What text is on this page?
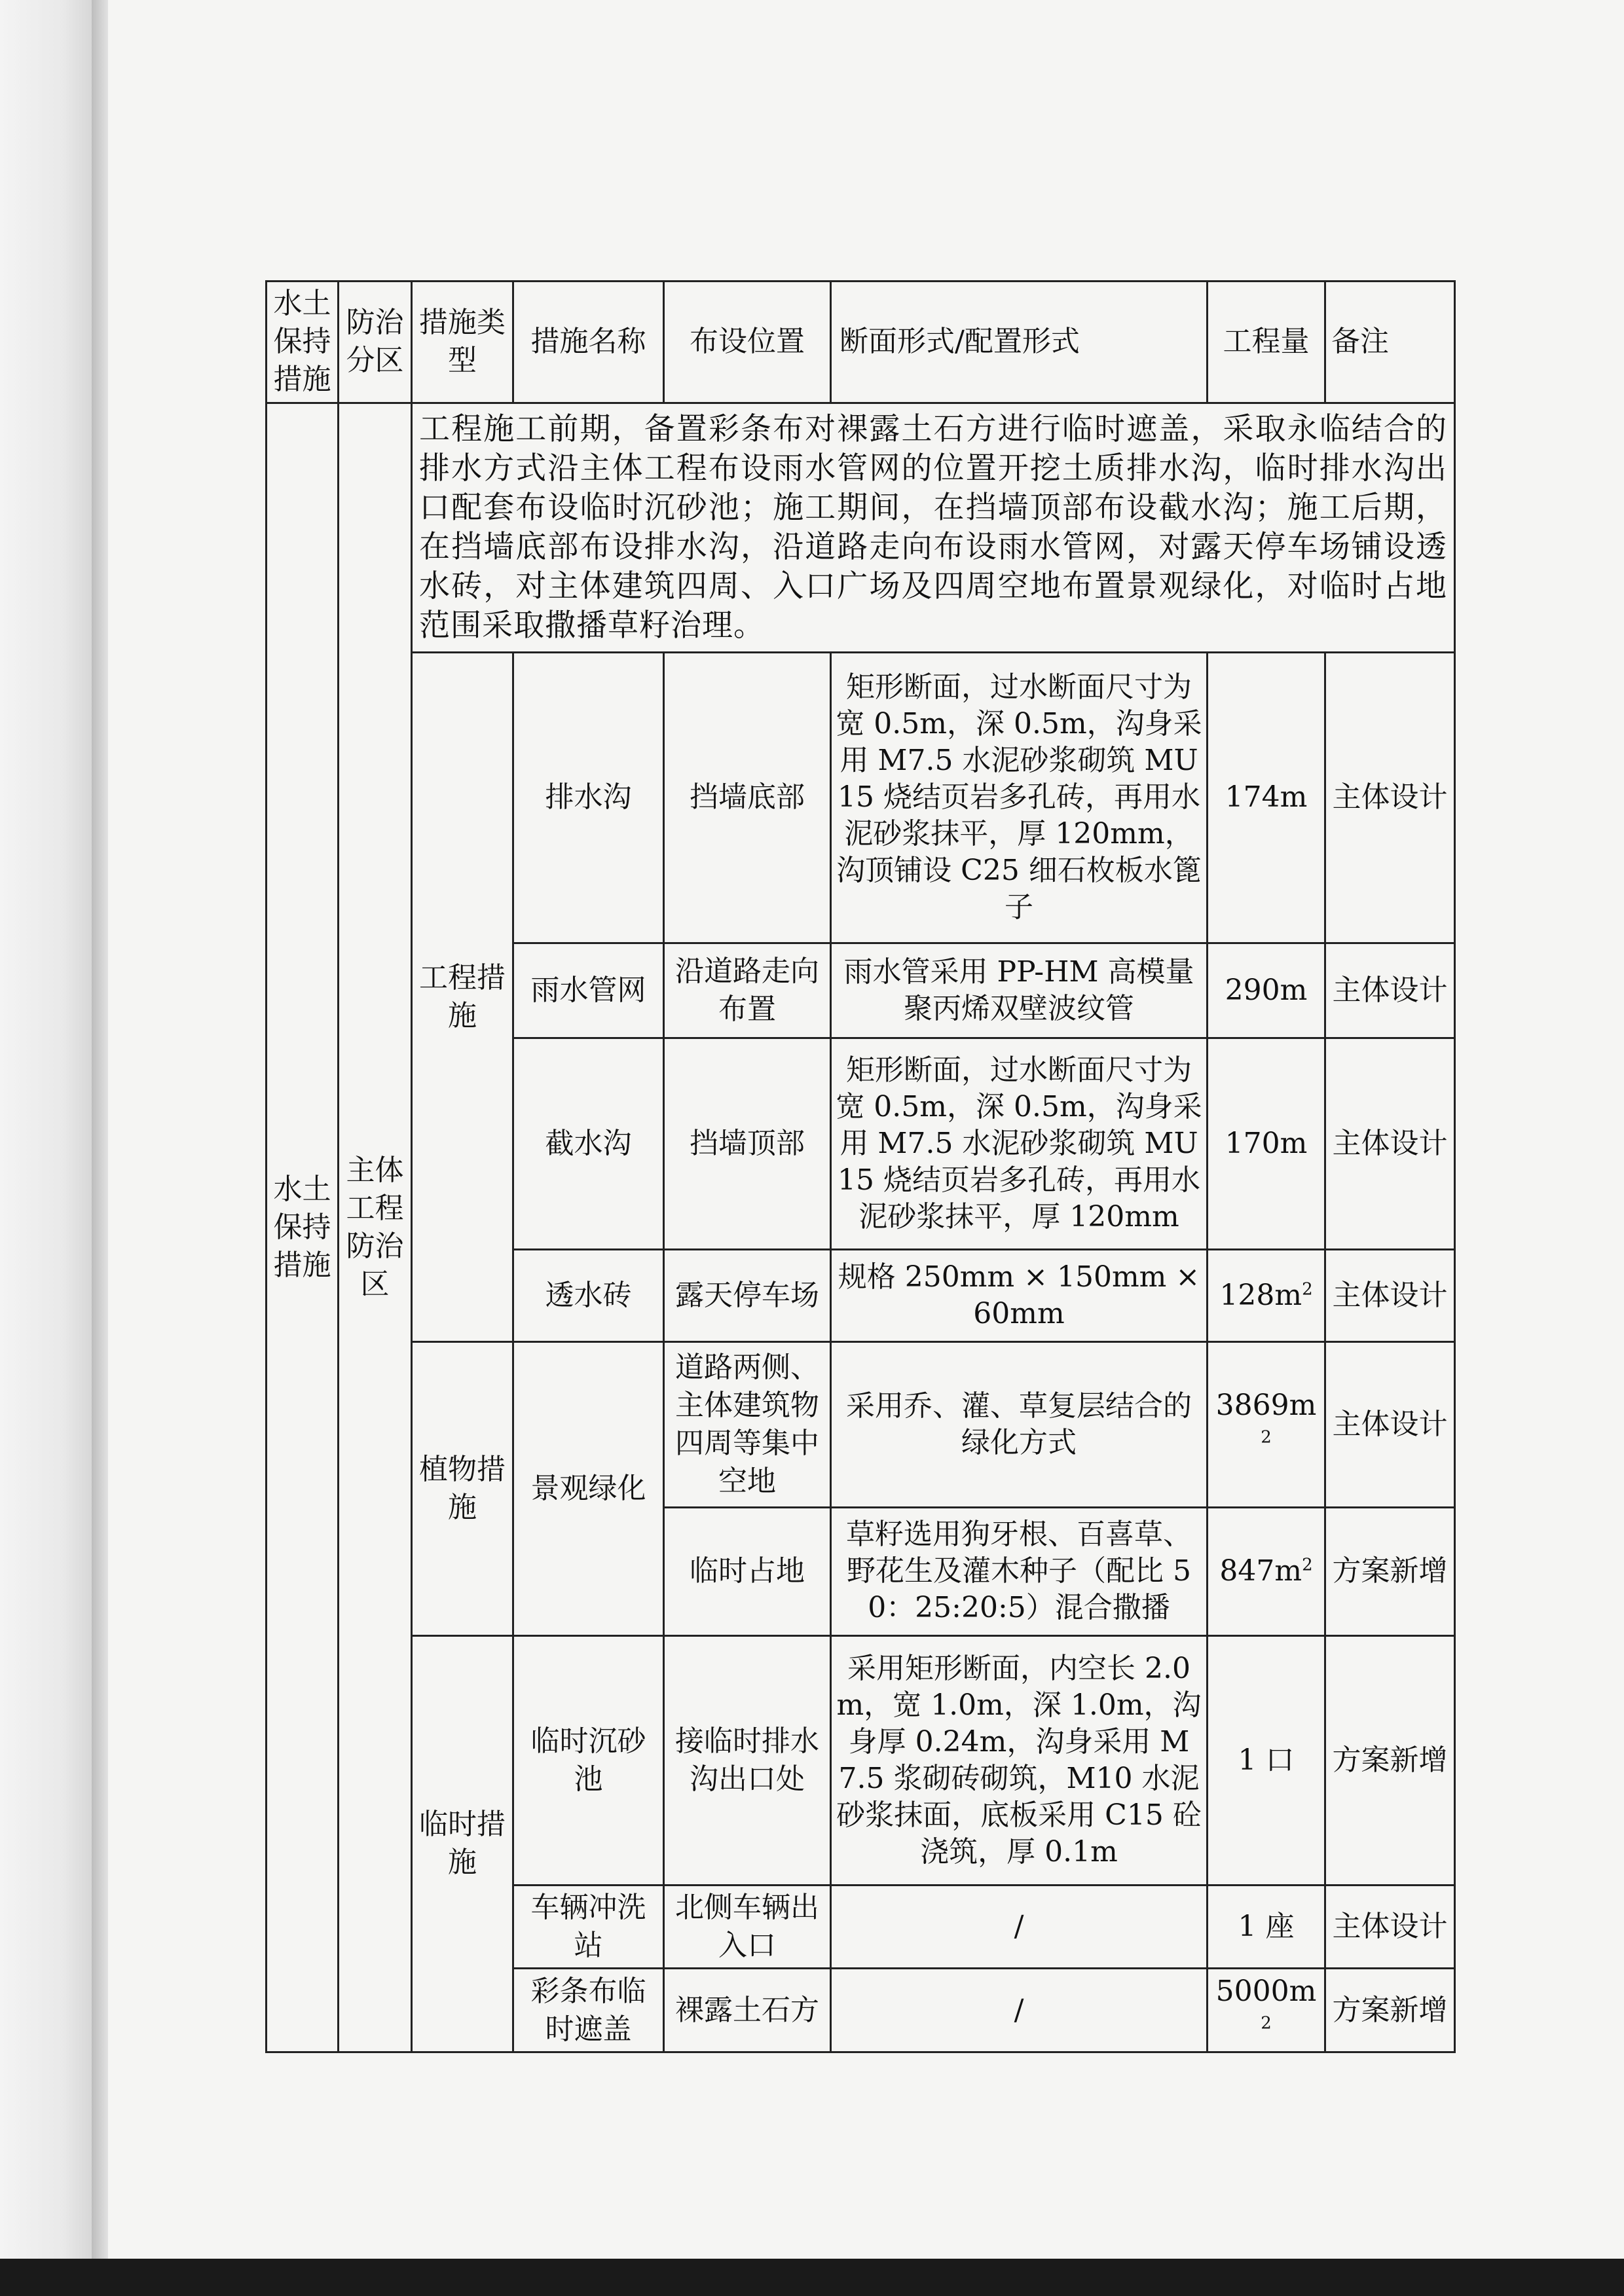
水土保持措施	防治分区	措施类型	措施名称	布设位置	断面形式/配置形式	工程量	备注
水土保持措施	主体工程防治区	工程施工前期，备置彩条布对裸露土石方进行临时遮盖，采取永临结合的排水方式沿主体工程布设雨水管网的位置开挖土质排水沟，临时排水沟出口配套布设临时沉砂池；施工期间，在挡墙顶部布设截水沟；施工后期，在挡墙底部布设排水沟，沿道路走向布设雨水管网，对露天停车场铺设透水砖，对主体建筑四周、入口广场及四周空地布置景观绿化，对临时占地范围采取撒播草籽治理。					
		工程措施	排水沟	挡墙底部	矩形断面，过水断面尺寸为宽 0.5m，深 0.5m，沟身采用 M7.5 水泥砂浆砌筑 MU15 烧结页岩多孔砖，再用水泥砂浆抹平，厚 120mm，沟顶铺设 C25 细石枚板水篦子	174m	主体设计
			雨水管网	沿道路走向布置	雨水管采用 PP-HM 高模量聚丙烯双壁波纹管	290m	主体设计
			截水沟	挡墙顶部	矩形断面，过水断面尺寸为宽 0.5m，深 0.5m，沟身采用 M7.5 水泥砂浆砌筑 MU15 烧结页岩多孔砖，再用水泥砂浆抹平，厚 120mm	170m	主体设计
			透水砖	露天停车场	规格 250mm × 150mm × 60mm	$128m^2$	主体设计
		植物措施	景观绿化	道路两侧、主体建筑物四周等集中空地	采用乔、灌、草复层结合的绿化方式	$3869m^2$	主体设计
				临时占地	草籽选用狗牙根、百喜草、野花生及灌木种子（配比 50：25:20:5）混合撒播	$847m^2$	方案新增
		临时措施	临时沉砂池	接临时排水沟出口处	采用矩形断面，内空长 2.0m，宽 1.0m，深 1.0m，沟身厚 0.24m，沟身采用 M7.5 浆砌砖砌筑，M10 水泥砂浆抹面，底板采用 C15 砼浇筑，厚 0.1m	1 口	方案新增
			车辆冲洗站	北侧车辆出入口	/	1 座	主体设计
			彩条布临时遮盖	裸露土石方	/	$5000m^2$	方案新增
